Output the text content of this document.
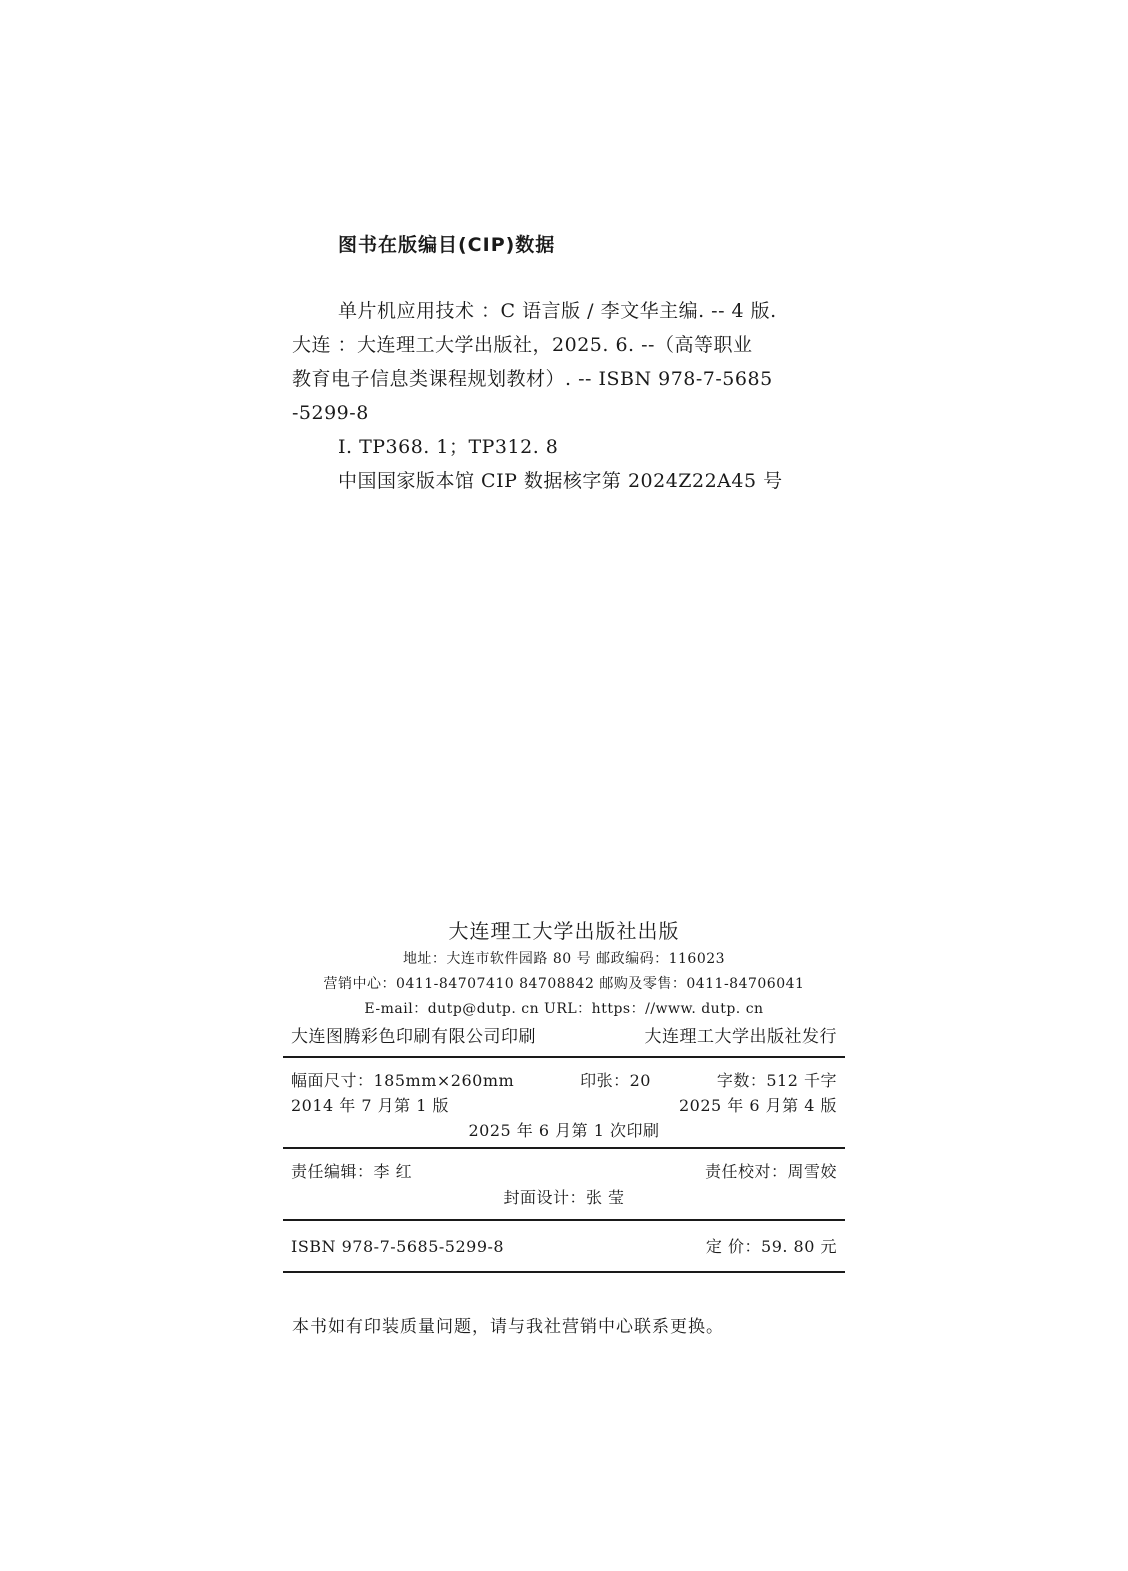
图书在版编目(CIP)数据
单片机应用技术 ：C 语言版 / 李文华主编. -- 4 版.
大连 ：大连理工大学出版社，2025. 6. --（高等职业
教育电子信息类课程规划教材）. -- ISBN 978-7-5685
-5299-8
Ⅰ. TP368. 1；TP312. 8
中国国家版本馆 CIP 数据核字第 2024Z22A45 号
大连理工大学出版社出版
地址：大连市软件园路 80 号 邮政编码：116023
营销中心：0411-84707410 84708842 邮购及零售：0411-84706041
E-mail：dutp@dutp. cn URL：https：//www. dutp. cn
大连图腾彩色印刷有限公司印刷	大连理工大学出版社发行
幅面尺寸：185mm×260mm	印张：20	字数：512 千字
2014 年 7 月第 1 版	2025 年 6 月第 4 版
2025 年 6 月第 1 次印刷
责任编辑：李 红	责任校对：周雪姣
封面设计：张 莹
ISBN 978-7-5685-5299-8	定 价：59. 80 元
本书如有印装质量问题，请与我社营销中心联系更换。
